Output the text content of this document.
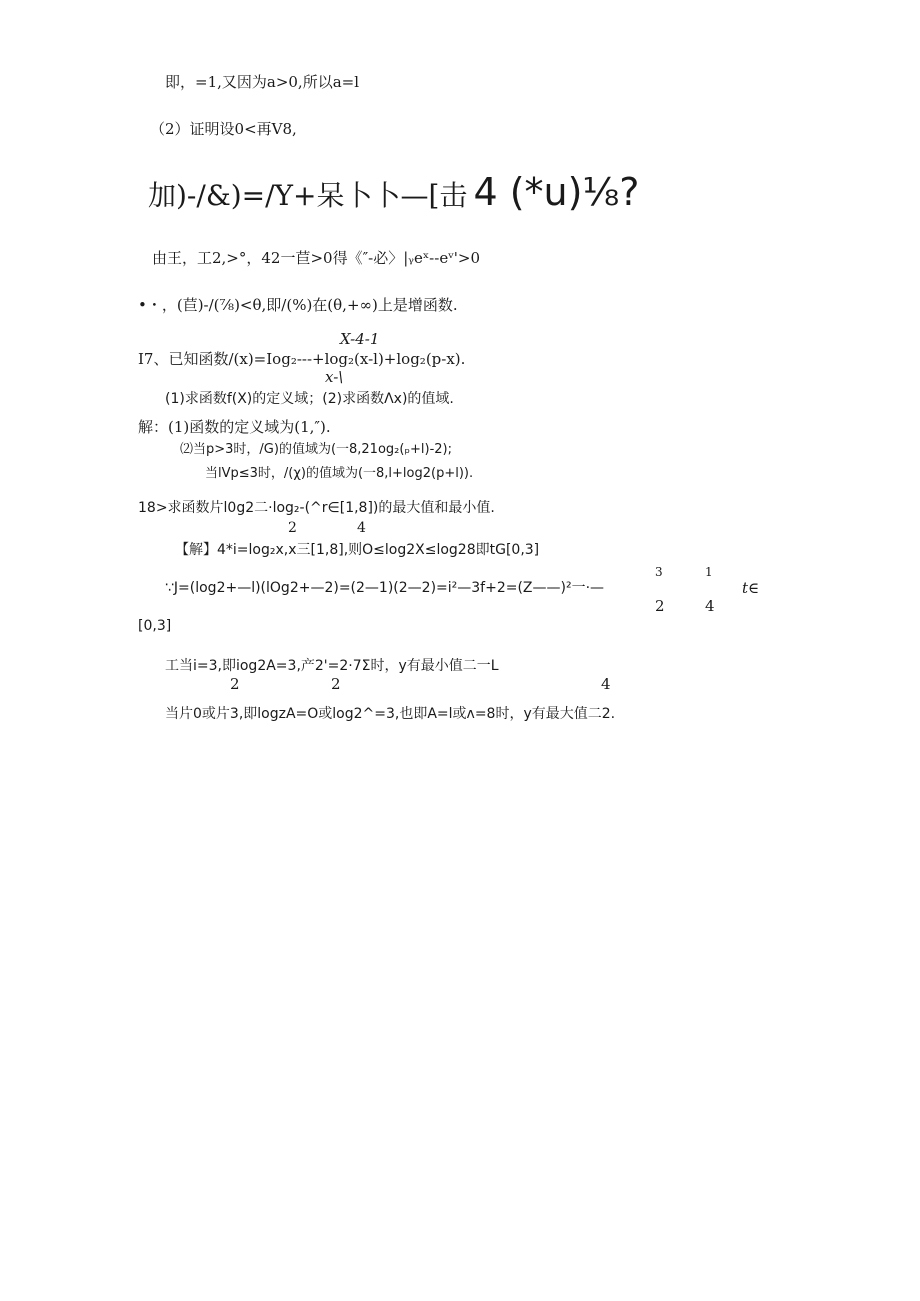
即，=1,又因为a>0,所以a=l
（2）证明设0<再V8,
加)-/&)=/Y+呆卜卜—[击 4 (*u)⅛?
由王，工2,>°，42一苣>0得《″-必〉|ᵧeˣ--eᵛ'>0
•・，(苣)-/(⅞)<θ,即/(%)在(θ,+∞)上是增函数.
X-4-1
I7、已知函数/(x)=Iog₂---+log₂(x-l)+log₂(p-x).
x-\
(1)求函数f(X)的定义域；(2)求函数Λx)的值域.
解：(1)函数的定义域为(1,″).
⑵当p>3时，/G)的值域为(一8,21og₂(ₚ+l)-2);
当lVp≤3时，/(χ)的值域为(一8,l+log2(p+l)).
18>求函数片l0g2二·log₂-(^r∈[1,8])的最大值和最小值.
2	4
【解】4*i=log₂x,x三[1,8],则O≤log2X≤log28即tG[0,3]
3	1
∵J=(log2+—l)(lOg2+—2)=(2—1)(2—2)=i²—3f+2=(Z——)²一·—	t∈
2	4
[0,3]
工当i=3,即iog2A=3,产2'=2·7Σ时，y有最小值二一L
2	2	4
当片0或片3,即logzA=O或log2^=3,也即A=l或ʌ=8时，y有最大值二2.
